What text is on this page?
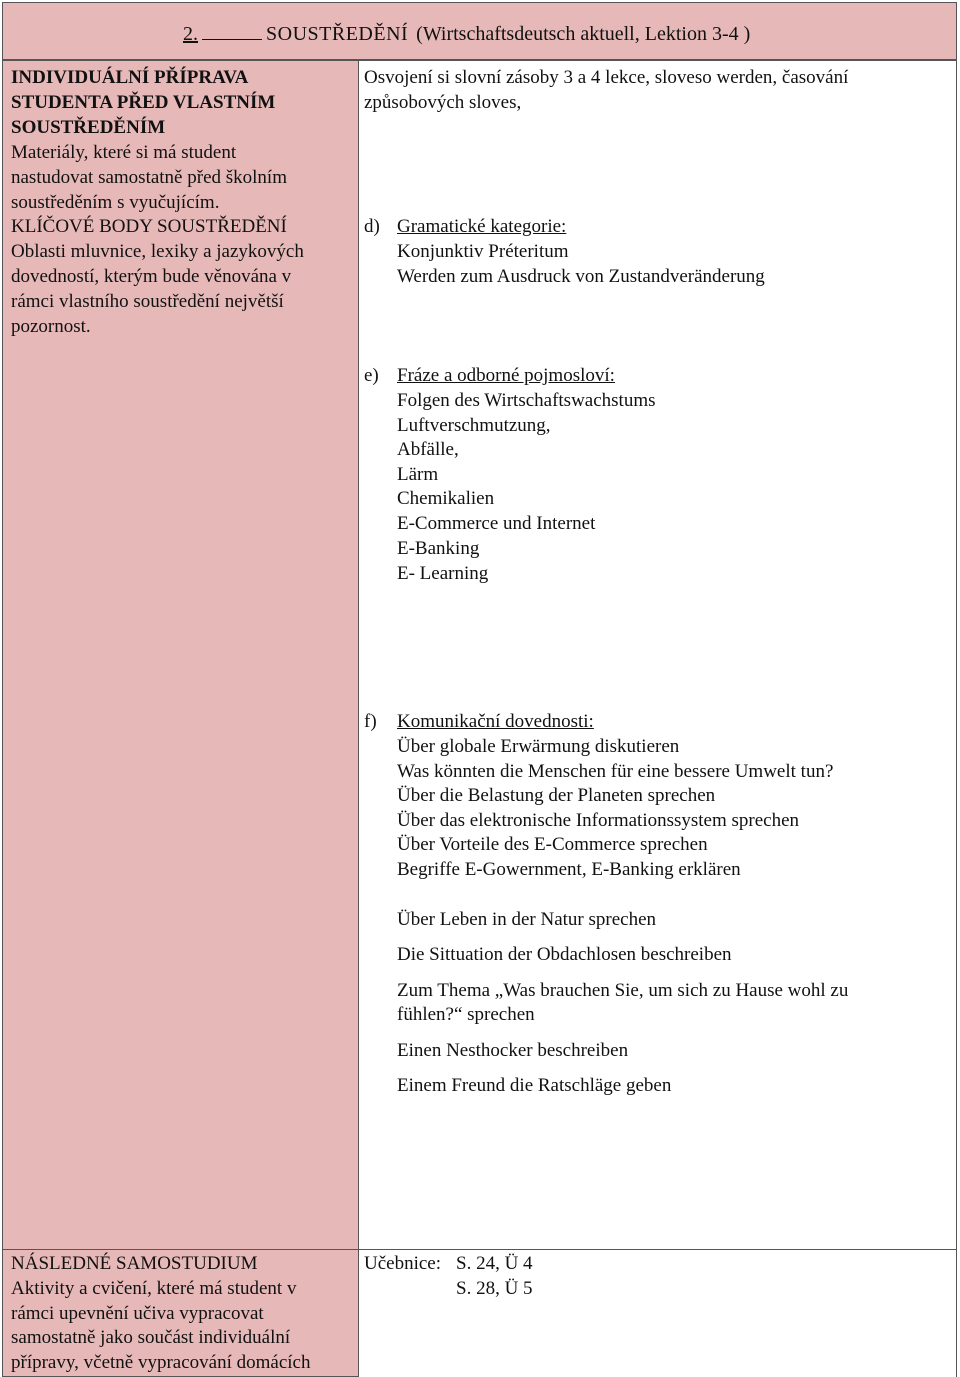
2.	SOUSTŘEDĚNÍ (Wirtschaftsdeutsch aktuell, Lektion 3-4 )
INDIVIDUÁLNÍ PŘÍPRAVA
STUDENTA PŘED VLASTNÍM
SOUSTŘEDĚNÍM
Materiály, které si má student
nastudovat samostatně před školním
soustředěním s vyučujícím.
KLÍČOVÉ BODY SOUSTŘEDĚNÍ
Oblasti mluvnice, lexiky a jazykových
dovedností, kterým bude věnována v
rámci vlastního soustředění největší
pozornost.
Osvojení si slovní zásoby 3 a 4 lekce, sloveso werden, časování
způsobových sloves,
d) Gramatické kategorie:
Konjunktiv Préteritum
Werden zum Ausdruck von Zustandveränderung
e) Fráze a odborné pojmosloví:
Folgen des Wirtschaftswachstums
Luftverschmutzung,
Abfälle,
Lärm
Chemikalien
E-Commerce und Internet
E-Banking
E- Learning
f) Komunikační dovednosti:
Über globale Erwärmung diskutieren
Was könnten die Menschen für eine bessere Umwelt tun?
Über die Belastung der Planeten sprechen
Über das elektronische Informationssystem sprechen
Über Vorteile des E-Commerce sprechen
Begriffe E-Gowernment, E-Banking erklären
Über Leben in der Natur sprechen
Die Sittuation der Obdachlosen beschreiben
Zum Thema „Was brauchen Sie, um sich zu Hause wohl zu
fühlen?“ sprechen
Einen Nesthocker beschreiben
Einem Freund die Ratschläge geben
NÁSLEDNÉ SAMOSTUDIUM
Aktivity a cvičení, které má student v
rámci upevnění učiva vypracovat
samostatně jako součást individuální
přípravy, včetně vypracování domácích
Učebnice: S. 24, Ü 4
S. 28, Ü 5
